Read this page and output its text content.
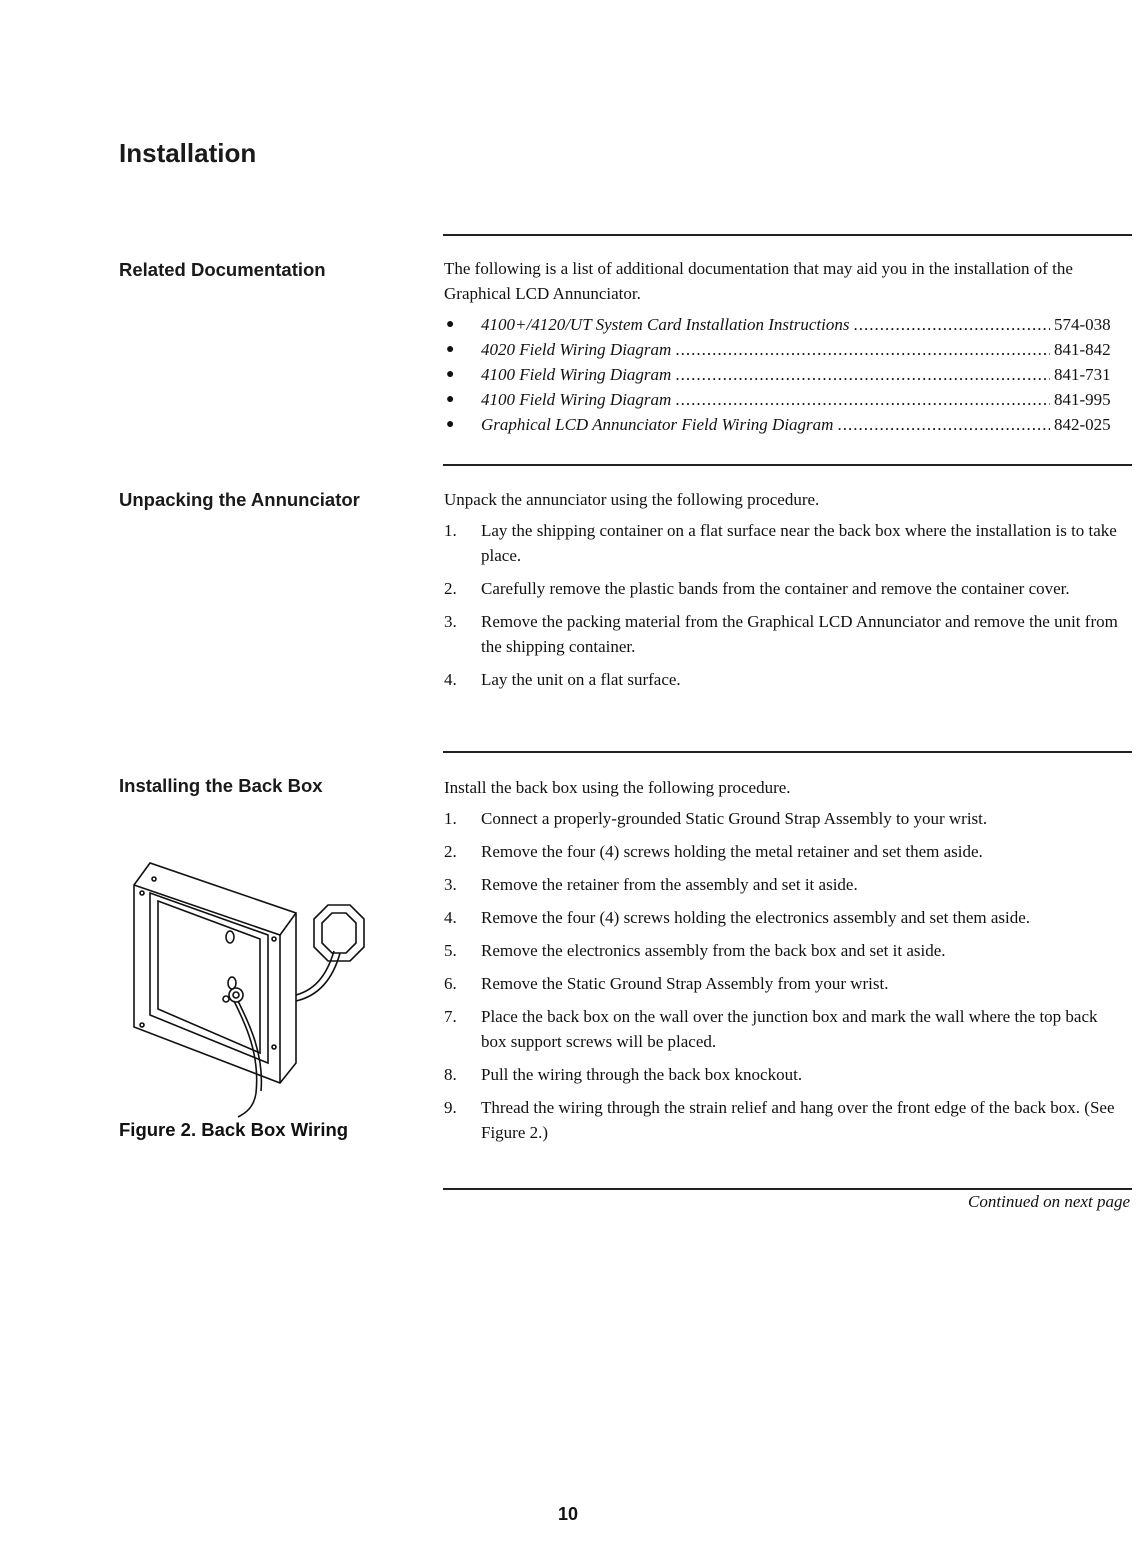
Installation
Related Documentation	The following is a list of additional documentation that may aid you in the installation of the Graphical LCD Annunciator.

● 4100+/4120/UT System Card Installation Instructions .....	574-038
● 4020 Field Wiring Diagram .....	841-842
● 4100 Field Wiring Diagram .....	841-731
● 4100 Field Wiring Diagram .....	841-995
● Graphical LCD Annunciator Field Wiring Diagram .....	842-025
Unpacking the Annunciator	Unpack the annunciator using the following procedure.

1. Lay the shipping container on a flat surface near the back box where the installation is to take place.
2. Carefully remove the plastic bands from the container and remove the container cover.
3. Remove the packing material from the Graphical LCD Annunciator and remove the unit from the shipping container.
4. Lay the unit on a flat surface.
Installing the Back Box	Install the back box using the following procedure.

1. Connect a properly-grounded Static Ground Strap Assembly to your wrist.
2. Remove the four (4) screws holding the metal retainer and set them aside.
3. Remove the retainer from the assembly and set it aside.
4. Remove the four (4) screws holding the electronics assembly and set them aside.
5. Remove the electronics assembly from the back box and set it aside.
6. Remove the Static Ground Strap Assembly from your wrist.
7. Place the back box on the wall over the junction box and mark the wall where the top back box support screws will be placed.
8. Pull the wiring through the back box knockout.
9. Thread the wiring through the strain relief and hang over the front edge of the back box. (See Figure 2.)
Figure 2. Back Box Wiring
Continued on next page
10
